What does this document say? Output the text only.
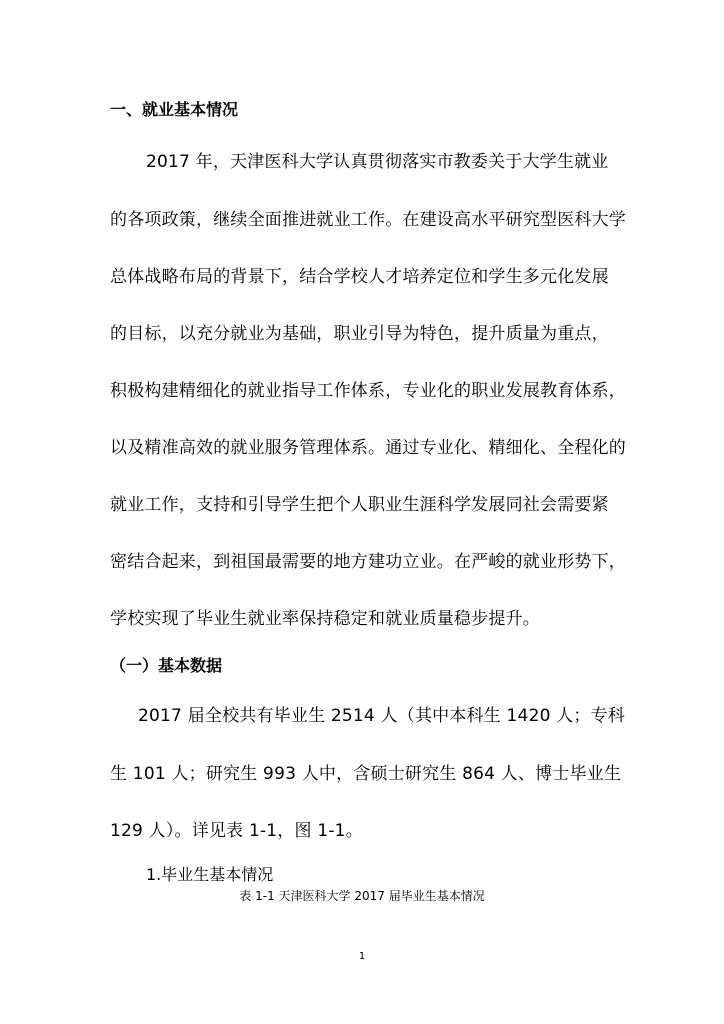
一、就业基本情况
2017 年，天津医科大学认真贯彻落实市教委关于大学生就业
的各项政策，继续全面推进就业工作。在建设高水平研究型医科大学
总体战略布局的背景下，结合学校人才培养定位和学生多元化发展
的目标，以充分就业为基础，职业引导为特色，提升质量为重点，
积极构建精细化的就业指导工作体系，专业化的职业发展教育体系，
以及精准高效的就业服务管理体系。通过专业化、精细化、全程化的
就业工作，支持和引导学生把个人职业生涯科学发展同社会需要紧
密结合起来，到祖国最需要的地方建功立业。在严峻的就业形势下，
学校实现了毕业生就业率保持稳定和就业质量稳步提升。
（一）基本数据
2017 届全校共有毕业生 2514 人（其中本科生 1420 人；专科
生 101 人；研究生 993 人中，含硕士研究生 864 人、博士毕业生
129 人）。详见表 1-1，图 1-1。
1.毕业生基本情况
表 1-1 天津医科大学 2017 届毕业生基本情况
1
